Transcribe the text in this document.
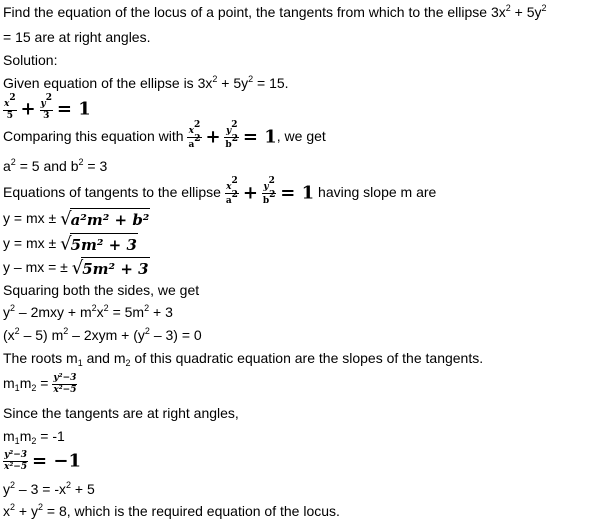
Find the equation of the locus of a point, the tangents from which to the ellipse $3x^2 + 5y^2$
= 15 are at right angles.
Solution:
Given equation of the ellipse is $3x^2 + 5y^2 = 15$.
$\frac{x^2}{5} + \frac{y^2}{3} = 1$
Comparing this equation with $\frac{x^2}{a^2} + \frac{y^2}{b^2} = 1$, we get
$a^2 = 5$ and $b^2 = 3$
Equations of tangents to the ellipse $\frac{x^2}{a^2} + \frac{y^2}{b^2} = 1$ having slope m are
y = mx ± √a²m² + b²
y = mx ± √5m² + 3
y – mx = ± √5m² + 3
Squaring both the sides, we get
$y^2 - 2mxy + m^2x^2 = 5m^2 + 3$
$(x^2 - 5)$ $m^2 - 2xym + (y^2 - 3) = 0$
The roots $m_1$ and $m_2$ of this quadratic equation are the slopes of the tangents.
$m_1m_2 = \frac{\text{y²−3}}{\text{x²−5}}$
Since the tangents are at right angles,
$m_1m_2 = -1$
$\frac{\text{y²−3}}{\text{x²−5}} = -1$
$y^2 - 3 = -x^2 + 5$
$x^2 + y^2 = 8$, which is the required equation of the locus.
